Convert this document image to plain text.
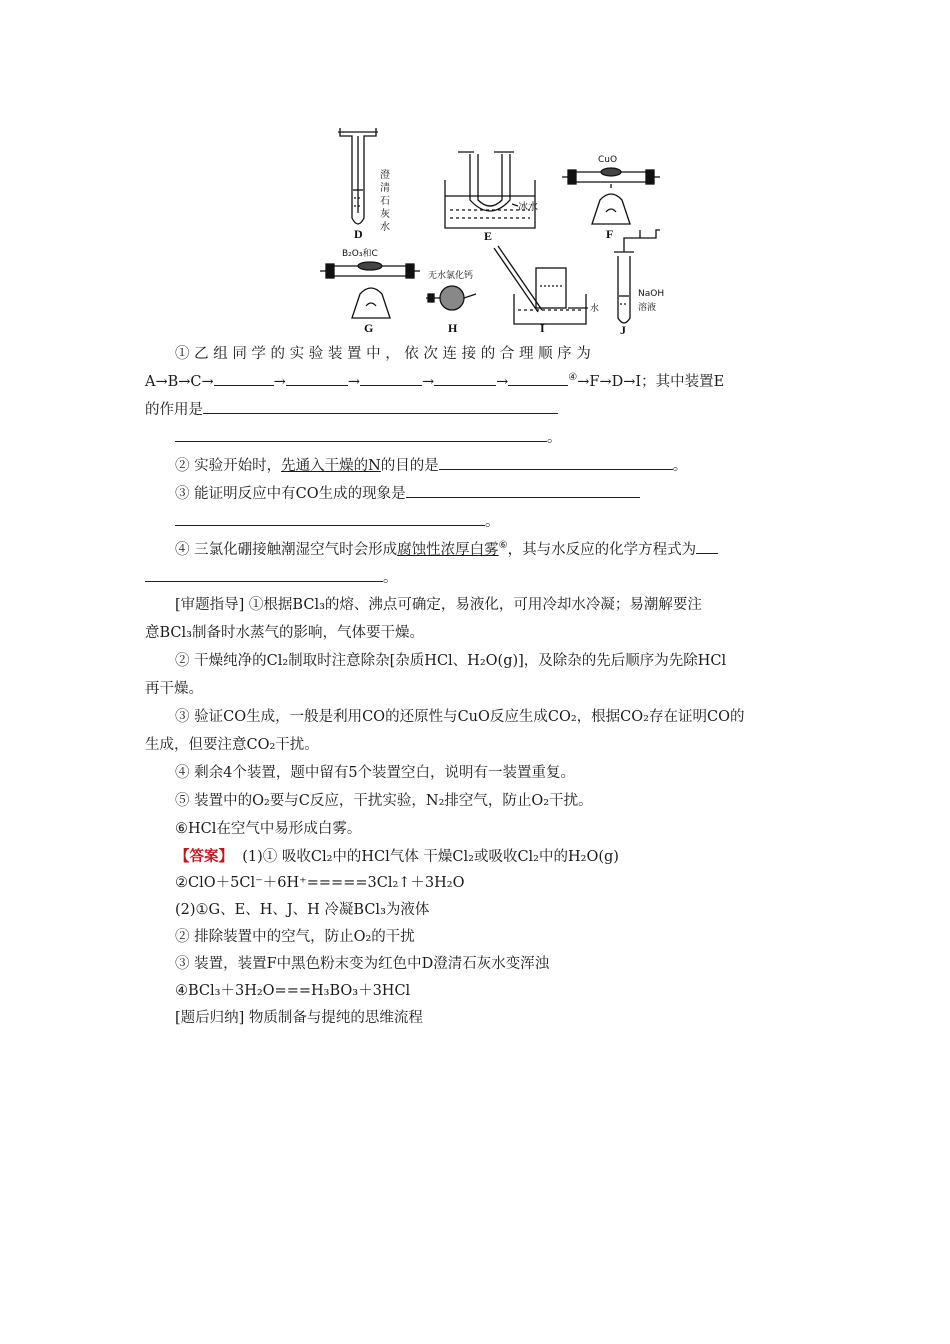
澄
清
石
灰
水
D
冰水
E
CuO
F
B₂O₃和C
G
无水氯化钙
H
水
I
NaOH
溶液
J
① 乙 组 同 学 的 实 验 装 置 中 ， 依 次 连 接 的 合 理 顺 序 为
A→B→C→	→	→	→	→	④→F→D→I；其中装置E
的作用是
。
② 实验开始时，先通入干燥的N的目的是	。
③ 能证明反应中有CO生成的现象是
。
④ 三氯化硼接触潮湿空气时会形成腐蚀性浓厚白雾⑥，其与水反应的化学方程式为
。
[审题指导] ①根据BCl₃的熔、沸点可确定，易液化，可用冷却水冷凝；易潮解要注
意BCl₃制备时水蒸气的影响，气体要干燥。
② 干燥纯净的Cl₂制取时注意除杂[杂质HCl、H₂O(g)]，及除杂的先后顺序为先除HCl
再干燥。
③ 验证CO生成，一般是利用CO的还原性与CuO反应生成CO₂，根据CO₂存在证明CO的
生成，但要注意CO₂干扰。
④ 剩余4个装置，题中留有5个装置空白，说明有一装置重复。
⑤ 装置中的O₂要与C反应，干扰实验，N₂排空气，防止O₂干扰。
⑥HCl在空气中易形成白雾。
【答案】 (1)① 吸收Cl₂中的HCl气体 干燥Cl₂或吸收Cl₂中的H₂O(g)
②ClO＋5Cl⁻＋6H⁺=====3Cl₂↑＋3H₂O
(2)①G、E、H、J、H 冷凝BCl₃为液体
② 排除装置中的空气，防止O₂的干扰
③ 装置，装置F中黑色粉末变为红色中D澄清石灰水变浑浊
④BCl₃＋3H₂O===H₃BO₃＋3HCl
[题后归纳] 物质制备与提纯的思维流程
